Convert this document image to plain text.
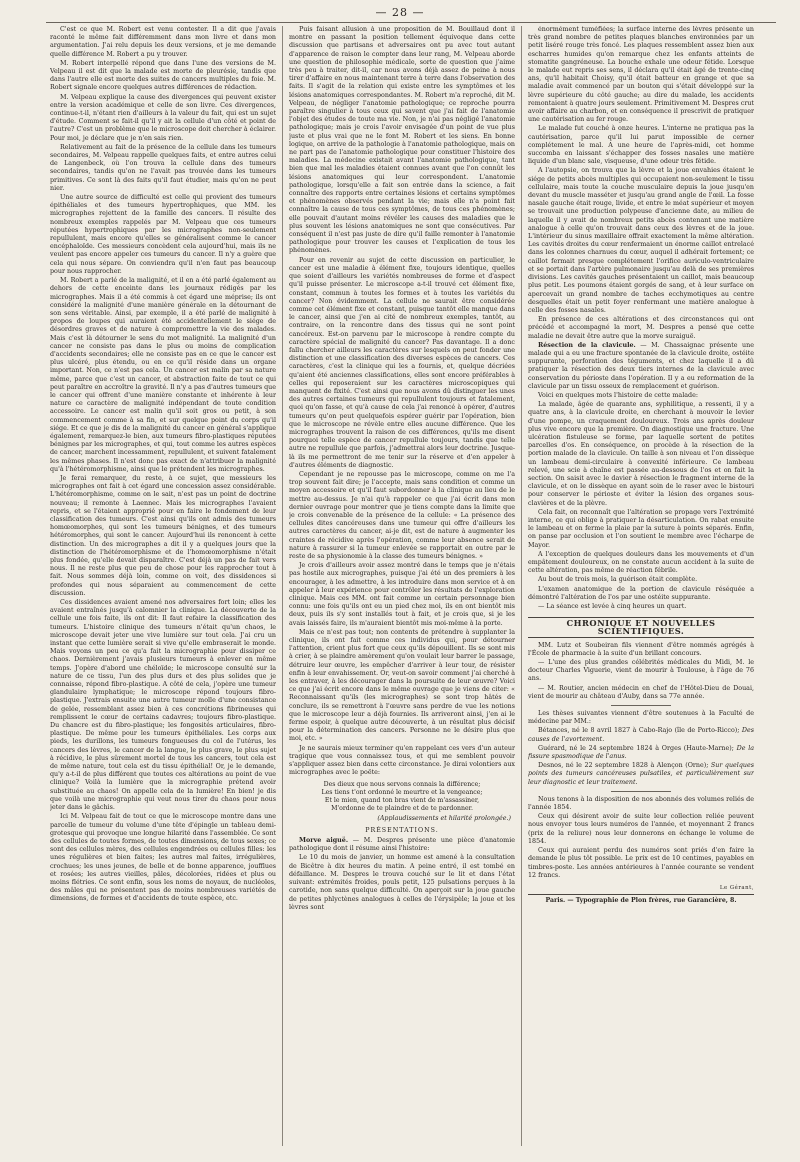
— 28 —

C'est ce que M. Robert est venu contester. Il a dit que j'avais raconté le même fait différemment dans mon livre et dans mon argumentation. J'ai relu depuis les deux versions, et je me demande quelle différence M. Robert a pu y trouver.

M. Robert interpellé répond que dans l'une des versions de M. Velpeau il est dit que la malade est morte de pleurésie, tandis que dans l'autre elle est morte des suites de cancers multiples du foie. M. Robert signale encore quelques autres différences de rédaction.

M. Velpeau explique la cause des divergences qui peuvent exister entre la version académique et celle de son livre. Ces divergences, continue-t-il, n'étant rien d'ailleurs à la valeur du fait, qui est un sujet d'étude. Comment se fait-il qu'il y ait la cellule d'un côté et point de l'autre? C'est un problème que le microscope doit chercher à éclairer. Pour moi, je déclare que je n'en sais rien.

Relativement au fait de la présence de la cellule dans les tumeurs secondaires, M. Velpeau rappelle quelques faits, et entre autres celui de Langenbeck, où l'on trouva la cellule dans des tumeurs secondaires, tandis qu'on ne l'avait pas trouvée dans les tumeurs primitives. Ce sont là des faits qu'il faut étudier, mais qu'on ne peut nier.

Une autre source de difficulté est celle qui provient des tumeurs épithéliales et des tumeurs hypertrophiques, que MM. les micrographes rejettent de la famille des cancers. Il résulte des nombreux exemples rappelés par M. Velpeau que ces tumeurs réputées hypertrophiques par les micrographes non-seulement repullulent, mais encore qu'elles se généralisent comme le cancer encéphaloïde. Ces messieurs concèdent cela aujourd'hui, mais ils ne veulent pas encore appeler ces tumeurs du cancer. Il n'y a guère que cela qui nous sépare. On conviendra qu'il n'en faut pas beaucoup pour nous rapprocher.

M. Robert a parlé de la malignité, et il en a été parlé également au dehors de cette enceinte dans les journaux rédigés par les micrographes. Mais il a été commis à cet égard une méprise; ils ont considéré la malignité d'une manière générale en la détournant de son sens véritable. Ainsi, par exemple, il a été parlé de malignité à propos de loupes qui auraient été accidentellement le siége de désordres graves et de nature à compromettre la vie des malades. Mais c'est là détourner le sens du mot malignité. La malignité d'un cancer ne consiste pas dans le plus ou moins de complication d'accidents secondaires; elle ne consiste pas en ce que le cancer est plus ulcéré, plus étendu, ou en ce qu'il réside dans un organe important. Non, ce n'est pas cela. Un cancer est malin par sa nature même, parce que c'est un cancer, et abstraction faite de tout ce qui peut paraître en accroître la gravité. Il n'y a pas d'autres tumeurs que le cancer qui offrent d'une manière constante et inhérente à leur nature ce caractère de malignité indépendant de toute condition accessoire. Le cancer est malin qu'il soit gros ou petit, à son commencement comme à sa fin, et sur quelque point du corps qu'il siége. Et ce que je dis de la malignité du cancer en général s'applique également, remarquez-le bien, aux tumeurs fibro-plastiques réputées bénignes par les micrographes, et qui, tout comme les autres espèces de cancer, marchent incessamment, repullulent, et suivent fatalement les mêmes phases. Il n'est donc pas exact de n'attribuer la malignité qu'à l'hétéromorphisme, ainsi que le prétendent les micrographes.

Je ferai remarquer, du reste, à ce sujet, que messieurs les micrographes ont fait à cet égard une concession assez considérable. L'hétéromorphisme, comme on le sait, n'est pas un point de doctrine nouveau; il remonte à Laennec. Mais les micrographes l'avaient repris, et se l'étaient approprié pour en faire le fondement de leur classification des tumeurs. C'est ainsi qu'ils ont admis des tumeurs homœomorphes, qui sont les tumeurs bénignes, et des tumeurs hétéromorphes, qui sont le cancer. Aujourd'hui ils renoncent à cette distinction. Un des micrographes a dit il y a quelques jours que la distinction de l'hétéromorphisme et de l'homœomorphisme n'était plus fondée, qu'elle devait disparaître. C'est déjà un pas de fait vers nous. Il ne reste plus que peu de chose pour les rapprocher tout à fait. Nous sommes déjà loin, comme on voit, des dissidences si profondes qui nous séparaient au commencement de cette discussion.

Ces dissidences avaient amené nos adversaires fort loin; elles les avaient entraînés jusqu'à calomnier la clinique. La découverte de la cellule une fois faite, ils ont dit: Il faut refaire la classification des tumeurs. L'histoire clinique des tumeurs n'était qu'un chaos, le microscope devait jeter une vive lumière sur tout cela. J'ai cru un instant que cette lumière serait si vive qu'elle embraserait le monde. Mais voyons un peu ce qu'a fait la micrographie pour dissiper ce chaos. Dernièrement j'avais plusieurs tumeurs à enlever en même temps. J'opère d'abord une chéloïde; le microscope consulté sur la nature de ce tissu, l'un des plus durs et des plus solides que je connaisse, répond fibro-plastique. A côté de cela, j'opère une tumeur glandulaire lymphatique; le microscope répond toujours fibro-plastique. J'extrais ensuite une autre tumeur molle d'une consistance de gelée, ressemblant assez bien à ces concrétions fibrineuses qui remplissent le cœur de certains cadavres; toujours fibro-plastique. Du chancre est du fibro-plastique; les fongosités articulaires, fibro-plastique. De même pour les tumeurs épithéliales. Les corps aux pieds, les durillons, les tumeurs fongueuses du col de l'utérus, les cancers des lèvres, le cancer de la langue, le plus grave, le plus sujet à récidive, le plus sûrement mortel de tous les cancers, tout cela est de même nature, tout cela est du tissu épithélial! Or, je le demande, qu'y a-t-il de plus différent que toutes ces altérations au point de vue clinique? Voilà la lumière que la micrographie prétend avoir substituée au chaos! On appelle cela de la lumière! En bien! je dis que voilà une micrographie qui veut nous tirer du chaos pour nous jeter dans le gâchis.

Ici M. Velpeau fait de tout ce que le microscope montre dans une parcelle de tumeur du volume d'une tête d'épingle un tableau demi-grotesque qui provoque une longue hilarité dans l'assemblée. Ce sont des cellules de toutes formes, de toutes dimensions, de tous sexes; ce sont des cellules mères, des cellules engendrées ou cellules filles: les unes régulières et bien faites; les autres mal faites, irrégulières, crochues; les unes jeunes, de belle et de bonne apparence, joufflues et rosées; les autres vieilles, pâles, décolorées, ridées et plus ou moins flétries. Ce sont enfin, sous les noms de noyaux, de nucléoles, des mâles qui ne présentent pas de moins nombreuses variétés de dimensions, de formes et d'accidents de toute espèce, etc.

Puis faisant allusion à une proposition de M. Bouillaud dont il montre en passant la position tellement équivoque dans cette discussion que partisans et adversaires ont pu avec tout autant d'apparence de raison le compter dans leur rang, M. Velpeau aborde une question de philosophie médicale, sorte de question que j'aime très peu à traiter, dit-il, car nous avons déjà assez de peine à nous tirer d'affaire en nous maintenant terre à terre dans l'observation des faits. Il s'agit de la relation qui existe entre les symptômes et les lésions anatomiques correspondantes. M. Robert m'a reproché, dit M. Velpeau, de négliger l'anatomie pathologique; ce reproche pourra paraître singulier à tous ceux qui savent que j'ai fait de l'anatomie l'objet des études de toute ma vie. Non, je n'ai pas négligé l'anatomie pathologique; mais je crois l'avoir envisagée d'un point de vue plus juste et plus vrai que ne le font M. Robert et les siens. En bonne logique, on arrive de la pathologie à l'anatomie pathologique, mais on ne part pas de l'anatomie pathologique pour constituer l'histoire des maladies. La médecine existait avant l'anatomie pathologique, tant bien que mal les maladies étaient connues avant que l'on connût les lésions anatomiques qui leur correspondent. L'anatomie pathologique, lorsqu'elle a fait son entrée dans la science, a fait connaître des rapports entre certaines lésions et certains symptômes et phénomènes observés pendant la vie; mais elle n'a point fait connaître la cause de tous ces symptômes, de tous ces phénomènes; elle pouvait d'autant moins révéler les causes des maladies que le plus souvent les lésions anatomiques ne sont que consécutives. Par conséquent il n'est pas juste de dire qu'il faille remonter à l'anatomie pathologique pour trouver les causes et l'explication de tous les phénomènes.

Pour en revenir au sujet de cette discussion en particulier, le cancer est une maladie à élément fixe, toujours identique, quelles que soient d'ailleurs les variétés nombreuses de forme et d'aspect qu'il puisse présenter. Le microscope a-t-il trouvé cet élément fixe, constant, commun à toutes les formes et à toutes les variétés du cancer? Non évidemment. La cellule ne saurait être considérée comme cet élément fixe et constant, puisque tantôt elle manque dans le cancer, ainsi que j'en ai cité de nombreux exemples, tantôt, au contraire, on la rencontre dans des tissus qui ne sont point cancéreux. Est-on parvenu par le microscope à rendre compte du caractère spécial de malignité du cancer? Pas davantage. Il a donc fallu chercher ailleurs les caractères sur lesquels on peut fonder une distinction et une classification des diverses espèces de cancers. Ces caractères, c'est la clinique qui les a fournis, et, quelque décriées qu'aient été anciennes classifications, elles sont encore préférables à celles qui reposeraient sur les caractères microscopiques qui manquent de fixité. C'est ainsi que nous avons dû distinguer les unes des autres certaines tumeurs qui repullulent toujours et fatalement, quoi qu'on fasse, et qu'à cause de cela j'ai renoncé à opérer, d'autres tumeurs qu'on peut quelquefois espérer guérir par l'opération, bien que le microscope ne révèle entre elles aucune différence. Que les micrographes trouvent la raison de ces différences, qu'ils me disent pourquoi telle espèce de cancer repullule toujours, tandis que telle autre ne repullule que parfois, j'admettrai alors leur doctrine. Jusque-là ils me permettront de me tenir sur la réserve et d'en appeler à d'autres éléments de diagnostic.

Cependant je ne repousse pas le microscope, comme on me l'a trop souvent fait dire; je l'accepte, mais sans condition et comme un moyen accessoire et qu'il faut subordonner à la clinique au lieu de le mettre au-dessus. Je n'ai qu'à rappeler ce que j'ai écrit dans mon dernier ouvrage pour montrer que je tiens compte dans la limite que je crois convenable de la présence de la cellule: « La présence des cellules dites cancéreuses dans une tumeur qui offre d'ailleurs les autres caractères du cancer, ai-je dit, est de nature à augmenter les craintes de récidive après l'opération, comme leur absence serait de nature à rassurer si la tumeur enlevée se rapportait en outre par le reste de sa physionomie à la classe des tumeurs bénignes. »

Je crois d'ailleurs avoir assez montré dans le temps que je n'étais pas hostile aux micrographes, puisque j'ai été un des premiers à les encourager, à les admettre, à les introduire dans mon service et à en appeler à leur expérience pour contrôler les résultats de l'exploration clinique. Mais ces MM. ont fait comme un certain personnage bien connu: une fois qu'ils ont eu un pied chez moi, ils en ont bientôt mis deux, puis ils s'y sont installés tout à fait, et je crois que, si je les avais laissés faire, ils m'auraient bientôt mis moi-même à la porte.

Mais ce n'est pas tout; non contents de prétendre à supplanter la clinique, ils ont fait comme ces individus qui, pour détourner l'attention, crient plus fort que ceux qu'ils dépouillent. Ils se sont mis à crier, à se plaindre amèrement qu'on voulait leur barrer le passage, détruire leur œuvre, les empêcher d'arriver à leur tour, de résister enfin à leur envahissement. Or, veut-on savoir comment j'ai cherché à les entraver, à les décourager dans la poursuite de leur œuvre? Voici ce que j'ai écrit encore dans le même ouvrage que je viens de citer: « Reconnaissant qu'ils (les micrographes) se sont trop hâtés de conclure, ils se remettront à l'œuvre sans perdre de vue les notions que le microscope leur a déjà fournies. Ils arriveront ainsi, j'en ai le ferme espoir, à quelque autre découverte, à un résultat plus décisif pour la détermination des cancers. Personne ne le désire plus que moi, etc. »

Je ne saurais mieux terminer qu'en rappelant ces vers d'un auteur tragique que vous connaissez tous, et qui me semblent pouvoir s'appliquer assez bien dans cette circonstance. Je dirai volontiers aux micrographes avec le poëte:

Des dieux que nous servons connais la différence;
Les tiens t'ont ordonné le meurtre et la vengeance;
Et le mien, quand ton bras vient de m'assassiner,
M'ordonne de te plaindre et de te pardonner.
(Applaudissements et hilarité prolongée.)
PRÉSENTATIONS.

Morve aiguë. — M. Despres présente une pièce d'anatomie pathologique dont il résume ainsi l'histoire:

Le 10 du mois de janvier, un homme est amené à la consultation de Bicêtre à dix heures du matin. A peine entré, il est tombé en défaillance. M. Despres le trouva couché sur le lit et dans l'état suivant: extrémités froides, pouls petit, 125 pulsations perçues à la carotide, non sans quelque difficulté. On aperçoit sur la joue gauche de petites phlyctènes analogues à celles de l'érysipèle; la joue et les lèvres sont

énormément tuméfiées; la surface interne des lèvres présente un très grand nombre de petites plaques blanches environnées par un petit liséré rouge très foncé. Les plaques ressemblent assez bien aux escharres humides qu'on remarque chez les enfants atteints de stomatite gangréneuse. La bouche exhale une odeur fétide. Lorsque le malade eut repris ses sens, il déclara qu'il était âgé de trente-cinq ans, qu'il habitait Choisy, qu'il était batteur en grange et que sa maladie avait commencé par un bouton qui s'était développé sur la lèvre supérieure du côté gauche; au dire du malade, les accidents remontaient à quatre jours seulement. Primitivement M. Despres crut avoir affaire au charbon, et en conséquence il prescrivit de pratiquer une cautérisation au fer rouge.

Le malade fut couché à onze heures. L'interne ne pratiqua pas la cautérisation, parce qu'il lui parut impossible de cerner complétement le mal. A une heure de l'après-midi, cet homme succomba en laissant s'échapper des fosses nasales une matière liquide d'un blanc sale, visqueuse, d'une odeur très fétide.

A l'autopsie, on trouva que la lèvre et la joue envahies étaient le siége de petits abcès multiples qui occupaient non-seulement le tissu cellulaire, mais toute la couche musculaire depuis la joue jusqu'en devant du muscle masséter et jusqu'au grand angle de l'œil. La fosse nasale gauche était rouge, livide, et entre le méat supérieur et moyen se trouvait une production polypeuse d'ancienne date, au milieu de laquelle il y avait de nombreux petits abcès contenant une matière analogue à celle qu'on trouvait dans ceux des lèvres et de la joue. L'intérieur du sinus maxillaire offrait exactement la même altération. Les cavités droites du cœur renfermaient un énorme caillot entrelacé dans les colonnes charnues du cœur, auquel il adhérait fortement; ce caillot fermait presque complétement l'orifice auriculo-ventriculaire et se portait dans l'artère pulmonaire jusqu'au delà de ses premières divisions. Les cavités gauches présentaient un caillot, mais beaucoup plus petit. Les poumons étaient gorgés de sang, et à leur surface on apercevait un grand nombre de taches ecchymotiques au centre desquelles était un petit foyer renfermant une matière analogue à celle des fosses nasales.

En présence de ces altérations et des circonstances qui ont précédé et accompagné la mort, M. Despres a pensé que cette maladie ne devait être autre que la morve suraiguë.

Résection de la clavicule. — M. Chassaignac présente une malade qui a eu une fracture spontanée de la clavicule droite, ostéite suppurante, perforation des téguments, et chez laquelle il a dû pratiquer la résection des deux tiers internes de la clavicule avec conservation du périoste dans l'opération. Il y a eu reformation de la clavicule par un tissu osseux de remplacement et guérison.

Voici en quelques mots l'histoire de cette malade:

La malade, âgée de quarante ans, syphilitique, a ressenti, il y a quatre ans, à la clavicule droite, en cherchant à mouvoir le levier d'une pompe, un craquement douloureux. Trois ans après douleur plus vive encore que la première. On diagnostique une fracture. Une ulcération fistuleuse se forme, par laquelle sortent de petites parcelles d'os. En conséquence, on procède à la résection de la portion malade de la clavicule. On taille à son niveau et l'on dissèque un lambeau demi-circulaire à convexité inférieure. Ce lambeau relevé, une scie à chaîne est passée au-dessous de l'os et on fait la section. On saisit avec le davier à résection le fragment interne de la clavicule, et on le dissèque en ayant soin de le raser avec le bistouri pour conserver le périoste et éviter la lésion des organes sous-clavières et de la plèvre.

Cela fait, on reconnaît que l'altération se propage vers l'extrémité interne, ce qui oblige à pratiquer la désarticulation. On rabat ensuite le lambeau et on ferme la plaie par la suture à points séparés. Enfin, on panse par occlusion et l'on soutient le membre avec l'écharpe de Mayor.

A l'exception de quelques douleurs dans les mouvements et d'un empâtement douloureux, on ne constate aucun accident à la suite de cette altération, pas même de réaction fébrile.

Au bout de trois mois, la guérison était complète.

L'examen anatomique de la portion de clavicule réséquée a démontré l'altération de l'os par une ostéite suppurante.

— La séance est levée à cinq heures un quart.

CHRONIQUE ET NOUVELLES SCIENTIFIQUES.

MM. Lutz et Soubeiran fils viennent d'être nommés agrégés à l'École de pharmacie à la suite d'un brillant concours.

— L'une des plus grandes célébrités médicales du Midi, M. le docteur Charles Viguerie, vient de mourir à Toulouse, à l'âge de 76 ans.

— M. Routier, ancien médecin en chef de l'Hôtel-Dieu de Douai, vient de mourir au château d'Auby, dans sa 77e année.

Les thèses suivantes viennent d'être soutenues à la Faculté de médecine par MM.:

Bétances, né le 8 avril 1827 à Cabo-Rajo (île de Porto-Ricco); Des causes de l'avortement.

Guérard, né le 24 septembre 1824 à Orges (Haute-Marne); De la fissure spasmodique de l'anus.

Desnos, né le 22 septembre 1828 à Alençon (Orne); Sur quelques points des tumeurs cancéreuses pulsatiles, et particulièrement sur leur diagnostic et leur traitement.

Nous tenons à la disposition de nos abonnés des volumes reliés de l'année 1854.

Ceux qui désirent avoir de suite leur collection reliée peuvent nous envoyer tous leurs numéros de l'année, et moyennant 2 francs (prix de la reliure) nous leur donnerons en échange le volume de 1854.

Ceux qui auraient perdu des numéros sont priés d'en faire la demande le plus tôt possible. Le prix est de 10 centimes, payables en timbres-poste. Les années antérieures à l'année courante se vendent 12 francs.

Le Gérant,
Paris. — Typographie de Plon frères, rue Garancière, 8.
